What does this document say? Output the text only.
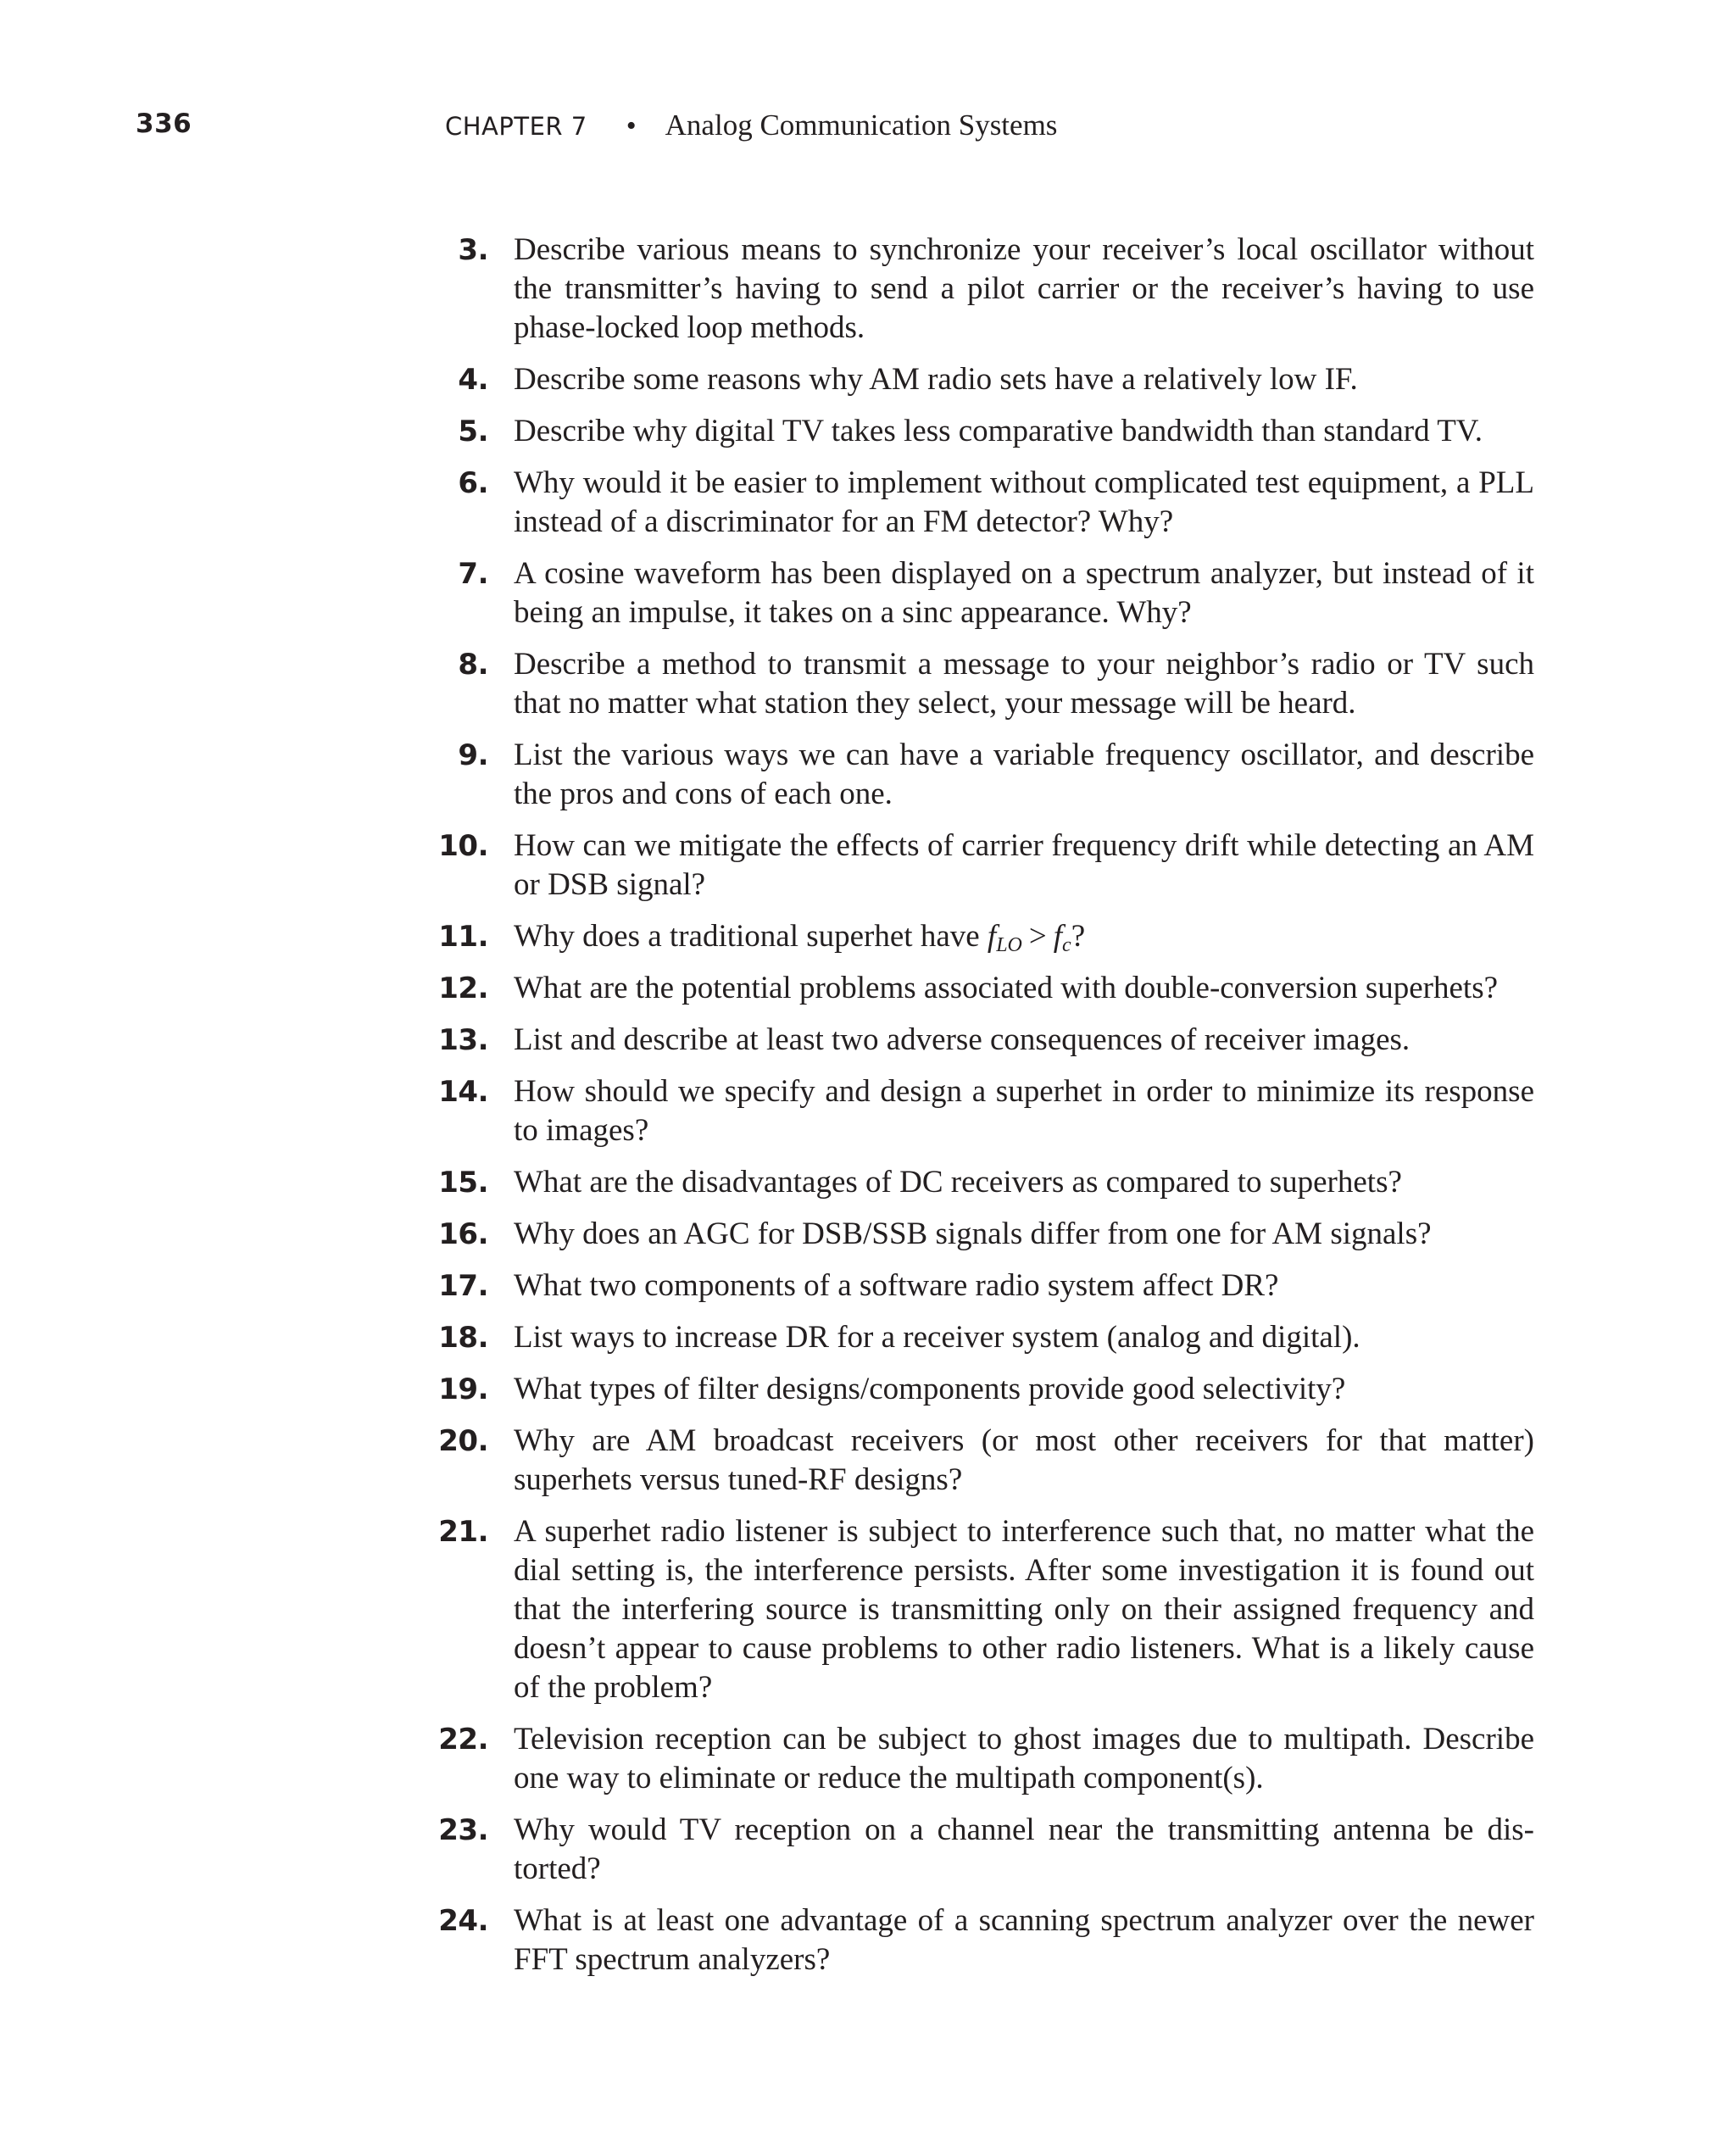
336	CHAPTER 7 • Analog Communication Systems
3. Describe various means to synchronize your receiver’s local oscillator without the transmitter’s having to send a pilot carrier or the receiver’s having to use phase-locked loop methods.
4. Describe some reasons why AM radio sets have a relatively low IF.
5. Describe why digital TV takes less comparative bandwidth than standard TV.
6. Why would it be easier to implement without complicated test equipment, a PLL instead of a discriminator for an FM detector? Why?
7. A cosine waveform has been displayed on a spectrum analyzer, but instead of it being an impulse, it takes on a sinc appearance. Why?
8. Describe a method to transmit a message to your neighbor’s radio or TV such that no matter what station they select, your message will be heard.
9. List the various ways we can have a variable frequency oscillator, and describe the pros and cons of each one.
10. How can we mitigate the effects of carrier frequency drift while detecting an AM or DSB signal?
11. Why does a traditional superhet have $f_{LO} > f_c$?
12. What are the potential problems associated with double-conversion superhets?
13. List and describe at least two adverse consequences of receiver images.
14. How should we specify and design a superhet in order to minimize its response to images?
15. What are the disadvantages of DC receivers as compared to superhets?
16. Why does an AGC for DSB/SSB signals differ from one for AM signals?
17. What two components of a software radio system affect DR?
18. List ways to increase DR for a receiver system (analog and digital).
19. What types of filter designs/components provide good selectivity?
20. Why are AM broadcast receivers (or most other receivers for that matter) superhets versus tuned-RF designs?
21. A superhet radio listener is subject to interference such that, no matter what the dial setting is, the interference persists. After some investigation it is found out that the interfering source is transmitting only on their assigned frequency and doesn’t appear to cause problems to other radio listeners. What is a likely cause of the problem?
22. Television reception can be subject to ghost images due to multipath. Describe one way to eliminate or reduce the multipath component(s).
23. Why would TV reception on a channel near the transmitting antenna be dis-torted?
24. What is at least one advantage of a scanning spectrum analyzer over the newer FFT spectrum analyzers?
